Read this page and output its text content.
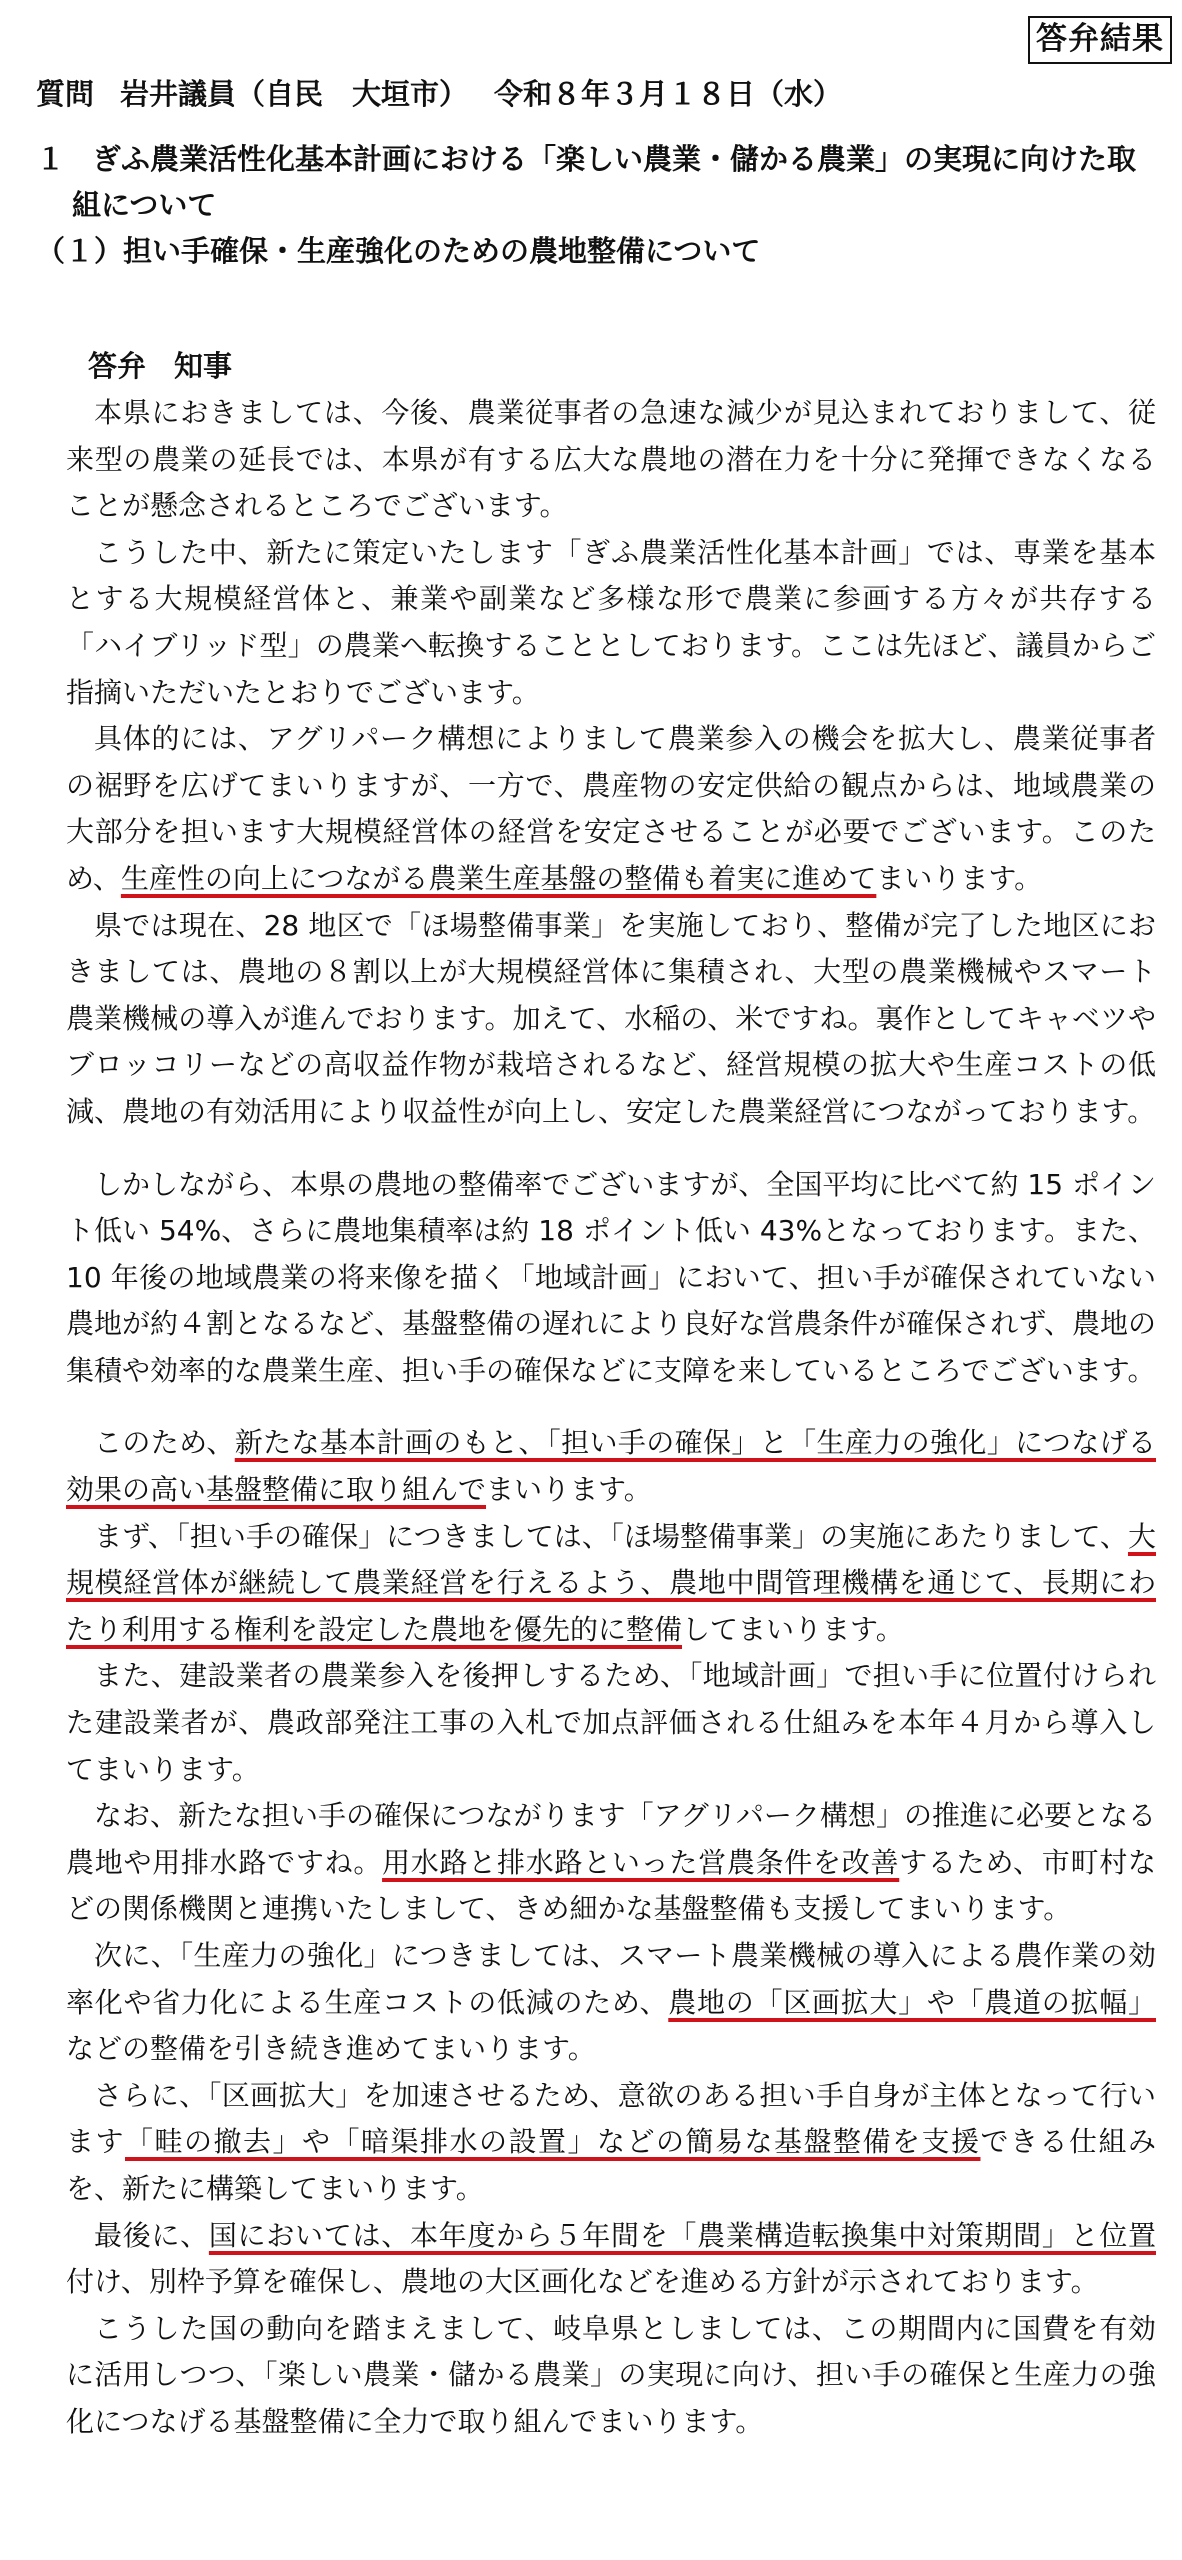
答弁結果
質問 岩井議員（自民　大垣市） 令和８年３月１８日（水）
１ ぎふ農業活性化基本計画における「楽しい農業・儲かる農業」の実現に向けた取組について
（１）担い手確保・生産強化のための農地整備について
答弁 知事

本県におきましては、今後、農業従事者の急速な減少が見込まれておりまして、従来型の農業の延長では、本県が有する広大な農地の潜在力を十分に発揮できなくなることが懸念されるところでございます。

こうした中、新たに策定いたします「ぎふ農業活性化基本計画」では、専業を基本とする大規模経営体と、兼業や副業など多様な形で農業に参画する方々が共存する「ハイブリッド型」の農業へ転換することとしております。ここは先ほど、議員からご指摘いただいたとおりでございます。

具体的には、アグリパーク構想によりまして農業参入の機会を拡大し、農業従事者の裾野を広げてまいりますが、一方で、農産物の安定供給の観点からは、地域農業の大部分を担います大規模経営体の経営を安定させることが必要でございます。このため、生産性の向上につながる農業生産基盤の整備も着実に進めてまいります。

県では現在、28 地区で「ほ場整備事業」を実施しており、整備が完了した地区におきましては、農地の８割以上が大規模経営体に集積され、大型の農業機械やスマート農業機械の導入が進んでおります。加えて、水稲の、米ですね。裏作としてキャベツやブロッコリーなどの高収益作物が栽培されるなど、経営規模の拡大や生産コストの低減、農地の有効活用により収益性が向上し、安定した農業経営につながっております。

しかしながら、本県の農地の整備率でございますが、全国平均に比べて約 15 ポイント低い 54%、さらに農地集積率は約 18 ポイント低い 43%となっております。また、10 年後の地域農業の将来像を描く「地域計画」において、担い手が確保されていない農地が約４割となるなど、基盤整備の遅れにより良好な営農条件が確保されず、農地の集積や効率的な農業生産、担い手の確保などに支障を来しているところでございます。

このため、新たな基本計画のもと、「担い手の確保」と「生産力の強化」につなげる効果の高い基盤整備に取り組んでまいります。

まず、「担い手の確保」につきましては、「ほ場整備事業」の実施にあたりまして、大規模経営体が継続して農業経営を行えるよう、農地中間管理機構を通じて、長期にわたり利用する権利を設定した農地を優先的に整備してまいります。

また、建設業者の農業参入を後押しするため、「地域計画」で担い手に位置付けられた建設業者が、農政部発注工事の入札で加点評価される仕組みを本年４月から導入してまいります。

なお、新たな担い手の確保につながります「アグリパーク構想」の推進に必要となる農地や用排水路ですね。用水路と排水路といった営農条件を改善するため、市町村などの関係機関と連携いたしまして、きめ細かな基盤整備も支援してまいります。

次に、「生産力の強化」につきましては、スマート農業機械の導入による農作業の効率化や省力化による生産コストの低減のため、農地の「区画拡大」や「農道の拡幅」などの整備を引き続き進めてまいります。

さらに、「区画拡大」を加速させるため、意欲のある担い手自身が主体となって行います「畦の撤去」や「暗渠排水の設置」などの簡易な基盤整備を支援できる仕組みを、新たに構築してまいります。

最後に、国においては、本年度から５年間を「農業構造転換集中対策期間」と位置付け、別枠予算を確保し、農地の大区画化などを進める方針が示されております。

こうした国の動向を踏まえまして、岐阜県としましては、この期間内に国費を有効に活用しつつ、「楽しい農業・儲かる農業」の実現に向け、担い手の確保と生産力の強化につなげる基盤整備に全力で取り組んでまいります。
